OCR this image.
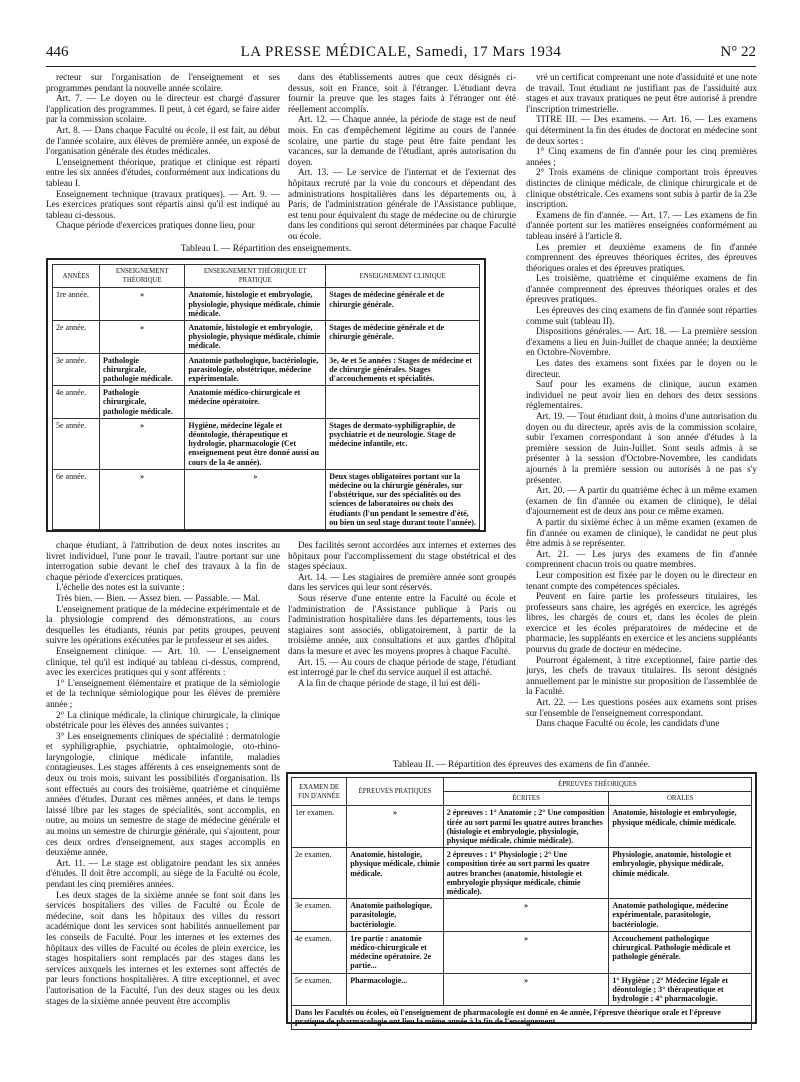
446	LA PRESSE MÉDICALE, Samedi, 17 Mars 1934	N° 22

recteur sur l'organisation de l'enseignement et ses programmes pendant la nouvelle année scolaire.

Art. 7. — Le doyen ou le directeur est chargé d'assurer l'application des programmes. Il peut, à cet égard, se faire aider par la commission scolaire.

Art. 8. — Dans chaque Faculté ou école, il est fait, au début de l'année scolaire, aux élèves de première année, un exposé de l'organisation générale des études médicales.

L'enseignement théorique, pratique et clinique est réparti entre les six années d'études, conformément aux indications du tableau I.

Enseignement technique (travaux pratiques). — Art. 9. — Les exercices pratiques sont répartis ainsi qu'il est indiqué au tableau ci-dessous.

Chaque période d'exercices pratiques donne lieu, pour

dans des établissements autres que ceux désignés ci-dessus, soit en France, soit à l'étranger. L'étudiant devra fournir la preuve que les stages faits à l'étranger ont été réellement accomplis.

Art. 12. — Chaque année, la période de stage est de neuf mois. En cas d'empêchement légitime au cours de l'année scolaire, une partie du stage peut être faite pendant les vacances, sur la demande de l'étudiant, après autorisation du doyen.

Art. 13. — Le service de l'internat et de l'externat des hôpitaux recruté par la voie du concours et dépendant des administrations hospitalières dans les départements ou, à Paris, de l'administration générale de l'Assistance publique, est tenu pour équivalent du stage de médecine ou de chirurgie dans les conditions qui seront déterminées par chaque Faculté ou école.

vré un certificat comprenant une note d'assiduité et une note de travail. Tout étudiant ne justifiant pas de l'assiduité aux stages et aux travaux pratiques ne peut être autorisé à prendre l'inscription trimestrielle.

TITRE III. — Des examens. — Art. 16. — Les examens qui déterminent la fin des études de doctorat en médecine sont de deux sortes :

1° Cinq examens de fin d'année pour les cinq premières années ;

2° Trois examens de clinique comportant trois épreuves distinctes de clinique médicale, de clinique chirurgicale et de clinique obstétricale. Ces examens sont subis à partir de la 23e inscription.

Examens de fin d'année. — Art. 17. — Les examens de fin d'année portent sur les matières enseignées conformément au tableau inséré à l'article 8.

Les premier et deuxième examens de fin d'année comprennent des épreuves théoriques écrites, des épreuves théoriques orales et des épreuves pratiques.

Les troisième, quatrième et cinquième examens de fin d'année comprennent des épreuves théoriques orales et des épreuves pratiques.

Les épreuves des cinq examens de fin d'année sont réparties comme suit (tableau II).

Dispositions générales. — Art. 18. — La première session d'examens a lieu en Juin-Juillet de chaque année; la deuxième en Octobre-Novembre.

Les dates des examens sont fixées par le doyen ou le directeur.

Sauf pour les examens de clinique, aucun examen individuel ne peut avoir lieu en dehors des deux sessions réglementaires.

Art. 19. — Tout étudiant doit, à moins d'une autorisation du doyen ou du directeur, après avis de la commission scolaire, subir l'examen correspondant à son année d'études à la première session de Juin-Juillet. Sont seuls admis à se présenter à la session d'Octobre-Novembre, les candidats ajournés à la première session ou autorisés à ne pas s'y présenter.

Art. 20. — A partir du quatrième échec à un même examen (examen de fin d'année ou examen de clinique), le délai d'ajournement est de deux ans pour ce même examen.

A partir du sixième échec à un même examen (examen de fin d'année ou examen de clinique), le candidat ne peut plus être admis à se représenter.

Art. 21. — Les jurys des examens de fin d'année comprennent chacun trois ou quatre membres.

Leur composition est fixée par le doyen ou le directeur en tenant compte des compétences spéciales.

Peuvent en faire partie les professeurs titulaires, les professeurs sans chaire, les agrégés en exercice, les agrégés libres, les chargés de cours et, dans les écoles de plein exercice et les écoles préparatoires de médecine et de pharmacie, les suppléants en exercice et les anciens suppléants pourvus du grade de docteur en médecine.

Pourront également, à titre exceptionnel, faire partie des jurys, les chefs de travaux titulaires. Ils seront désignés annuellement par le ministre sur proposition de l'assemblée de la Faculté.

Art. 22. — Les questions posées aux examens sont prises sur l'ensemble de l'enseignement correspondant.

Dans chaque Faculté ou école, les candidats d'une

Tableau I. — Répartition des enseignements.
ANNÉES	ENSEIGNEMENT THÉORIQUE	ENSEIGNEMENT THÉORIQUE ET PRATIQUE	ENSEIGNEMENT CLINIQUE
1re année.	»	Anatomie, histologie et embryologie, physiologie, physique médicale, chimie médicale.	Stages de médecine générale et de chirurgie générale.
2e année.	»	Anatomie, histologie et embryologie, physiologie, physique médicale, chimie médicale.	Stages de médecine générale et de chirurgie générale.
3e année.	Pathologie chirurgicale, pathologie médicale.	Anatomie pathologique, bactériologie, parasitologie, obstétrique, médecine expérimentale.	3e, 4e et 5e années : Stages de médecine et de chirurgie générales. Stages d'accouchements et spécialités.
4e année.	Pathologie chirurgicale, pathologie médicale.	Anatomie médico-chirurgicale et médecine opératoire.	
5e année.	»	Hygiène, médecine légale et déontologie, thérapeutique et hydrologie, pharmacologie (Cet enseignement peut être donné aussi au cours de la 4e année).	Stages de dermato-syphiligraphie, de psychiatrie et de neurologie. Stage de médecine infantile, etc.
6e année.	»	»	Deux stages obligatoires portant sur la médecine ou la chirurgie générales, sur l'obstétrique, sur des spécialités ou des sciences de laboratoires ou choix des étudiants (l'un pendant le semestre d'été, ou bien un seul stage durant toute l'année).

chaque étudiant, à l'attribution de deux notes inscrites au livret individuel, l'une pour le travail, l'autre portant sur une interrogation subie devant le chef des travaux à la fin de chaque période d'exercices pratiques.

L'échelle des notes est la suivante :

Très bien. — Bien. — Assez bien. — Passable. — Mal.

L'enseignement pratique de la médecine expérimentale et de la physiologie comprend des démonstrations, au cours desquelles les étudiants, réunis par petits groupes, peuvent suivre les opérations exécutées par le professeur et ses aides.

Enseignement clinique. — Art. 10. — L'enseignement clinique, tel qu'il est indiqué au tableau ci-dessus, comprend, avec les exercices pratiques qui y sont afférents :

1° L'enseignement élémentaire et pratique de la sémiologie et de la technique sémiologique pour les élèves de première année ;

2° La clinique médicale, la clinique chirurgicale, la clinique obstétricale pour les élèves des années suivantes ;

3° Les enseignements cliniques de spécialité : dermatologie et syphiligraphie, psychiatrie, ophtalmologie, oto-rhino-laryngologie, clinique médicale infantile, maladies contagieuses. Les stages afférents à ces enseignements sont de deux ou trois mois, suivant les possibilités d'organisation. Ils sont effectués au cours des troisième, quatrième et cinquième années d'études. Durant ces mêmes années, et dans le temps laissé libre par les stages de spécialités, sont accomplis, en outre, au moins un semestre de stage de médecine générale et au moins un semestre de chirurgie générale, qui s'ajoutent, pour ces deux ordres d'enseignement, aux stages accomplis en deuxième année.

Art. 11. — Le stage est obligatoire pendant les six années d'études. Il doit être accompli, au siège de la Faculté ou école, pendant les cinq premières années.

Les deux stages de la sixième année se font soit dans les services hospitaliers des villes de Faculté ou École de médecine, soit dans les hôpitaux des villes du ressort académique dont les services sont habilités annuellement par les conseils de Faculté. Pour les internes et les externes des hôpitaux des villes de Faculté ou écoles de plein exercice, les stages hospitaliers sont remplacés par des stages dans les services auxquels les internes et les externes sont affectés de par leurs fonctions hospitalières. A titre exceptionnel, et avec l'autorisation de la Faculté, l'un des deux stages ou les deux stages de la sixième année peuvent être accomplis

Des facilités seront accordées aux internes et externes des hôpitaux pour l'accomplissement du stage obstétrical et des stages spéciaux.

Art. 14. — Les stagiaires de première année sont groupés dans les services qui leur sont réservés.

Sous réserve d'une entente entre la Faculté ou école et l'administration de l'Assistance publique à Paris ou l'administration hospitalière dans les départements, tous les stagiaires sont associés, obligatoirement, à partir de la troisième année, aux consultations et aux gardes d'hôpital dans la mesure et avec les moyens propres à chaque Faculté.

Art. 15. — Au cours de chaque période de stage, l'étudiant est interrogé par le chef du service auquel il est attaché.

A la fin de chaque période de stage, il lui est déli-

Tableau II. — Répartition des épreuves des examens de fin d'année.
EXAMEN DE FIN D'ANNÉE	ÉPREUVES PRATIQUES	ÉPREUVES THÉORIQUES	
		ÉCRITES	ORALES
1er examen.	»	2 épreuves : 1° Anatomie ; 2° Une composition tirée au sort parmi les quatre autres branches (histologie et embryologie, physiologie, physique médicale, chimie médicale).	Anatomie, histologie et embryologie, physique médicale, chimie médicale.
2e examen.	Anatomie, histologie, physique médicale, chimie médicale.	2 épreuves : 1° Physiologie ; 2° Une composition tirée au sort parmi les quatre autres branches (anatomie, histologie et embryologie physique médicale, chimie médicale).	Physiologie, anatomie, histologie et embryologie, physique médicale, chimie médicale.
3e examen.	Anatomie pathologique, parasitologie, bactériologie.	»	Anatomie pathologique, médecine expérimentale, parasitologie, bactériologie.
4e examen.	1re partie : anatomie médico-chirurgicale et médecine opératoire. 2e partie...	»	Accouchement pathologique chirurgical. Pathologie médicale et pathologie générale.
5e examen.	Pharmacologie...	»	1° Hygiène ; 2° Médecine légale et déontologie ; 3° thérapeutique et hydrologie ; 4° pharmacologie.
Dans les Facultés ou écoles, où l'enseignement de pharmacologie est donné en 4e année, l'épreuve théorique orale et l'épreuve pratique de pharmacologie ont lieu la même année à la fin de l'enseignement.			
